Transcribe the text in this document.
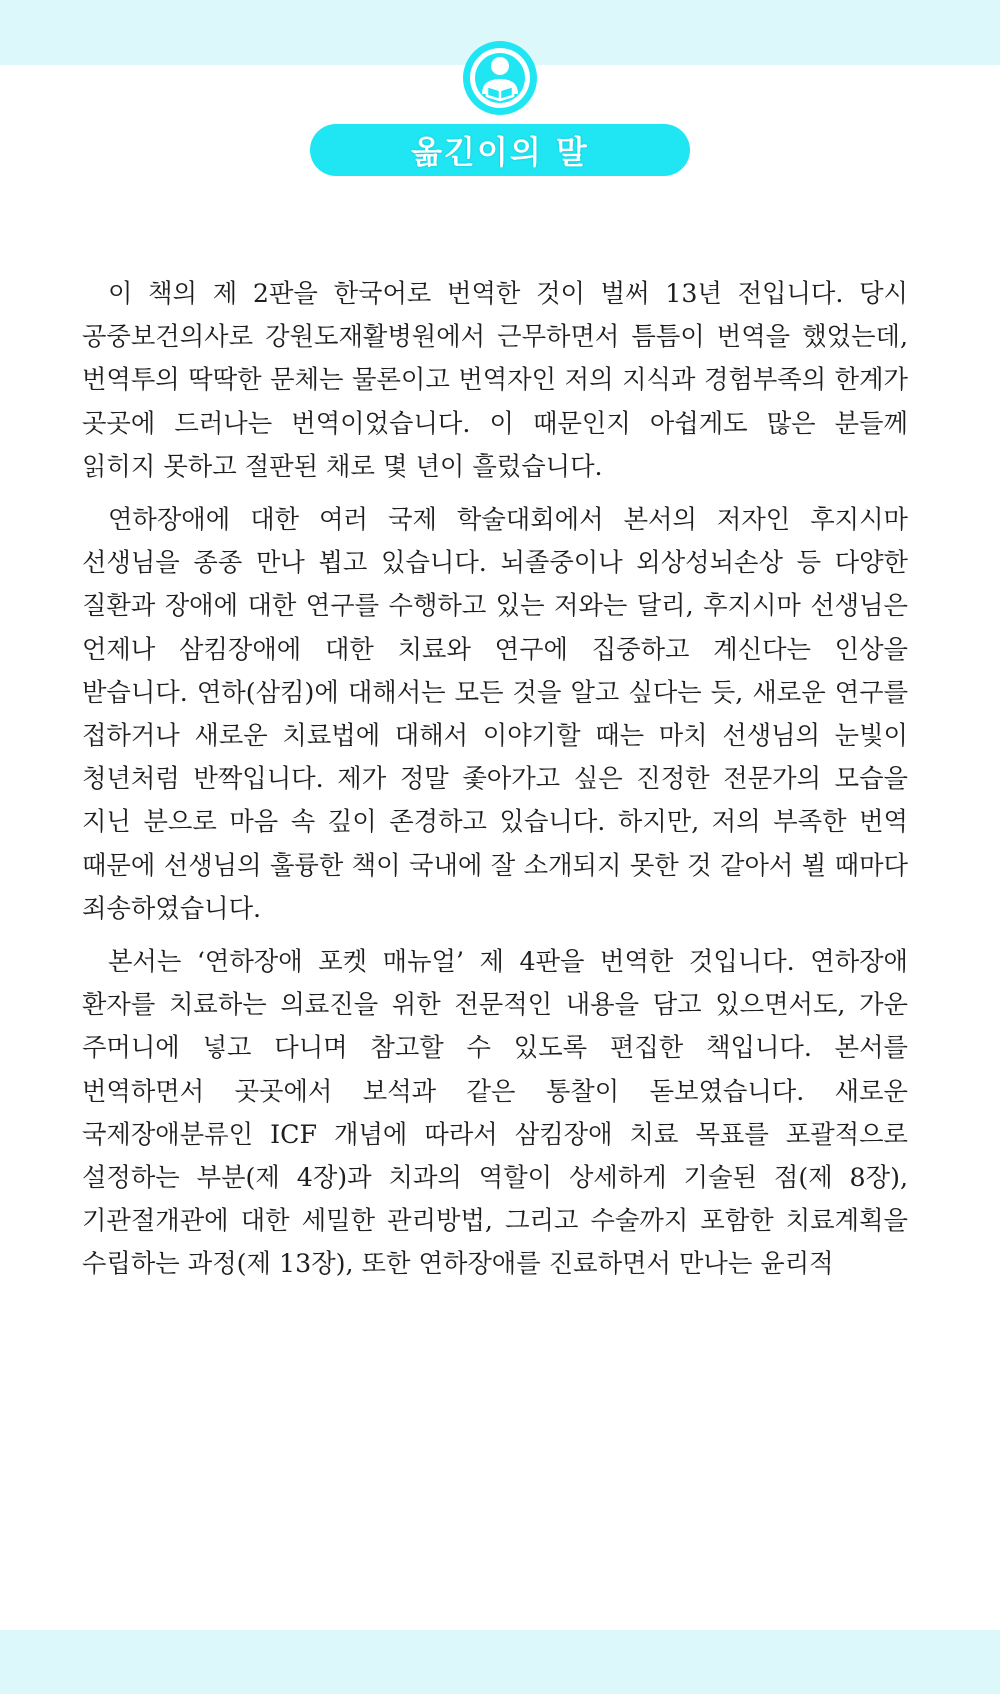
옮긴이의 말

이 책의 제 2판을 한국어로 번역한 것이 벌써 13년 전입니다. 당시 공중보건의사로 강원도재활병원에서 근무하면서 틈틈이 번역을 했었는데, 번역투의 딱딱한 문체는 물론이고 번역자인 저의 지식과 경험부족의 한계가 곳곳에 드러나는 번역이었습니다. 이 때문인지 아쉽게도 많은 분들께 읽히지 못하고 절판된 채로 몇 년이 흘렀습니다.

연하장애에 대한 여러 국제 학술대회에서 본서의 저자인 후지시마 선생님을 종종 만나 뵙고 있습니다. 뇌졸중이나 외상성뇌손상 등 다양한 질환과 장애에 대한 연구를 수행하고 있는 저와는 달리, 후지시마 선생님은 언제나 삼킴장애에 대한 치료와 연구에 집중하고 계신다는 인상을 받습니다. 연하(삼킴)에 대해서는 모든 것을 알고 싶다는 듯, 새로운 연구를 접하거나 새로운 치료법에 대해서 이야기할 때는 마치 선생님의 눈빛이 청년처럼 반짝입니다. 제가 정말 좇아가고 싶은 진정한 전문가의 모습을 지닌 분으로 마음 속 깊이 존경하고 있습니다. 하지만, 저의 부족한 번역 때문에 선생님의 훌륭한 책이 국내에 잘 소개되지 못한 것 같아서 뵐 때마다 죄송하였습니다.

본서는 ‘연하장애 포켓 매뉴얼’ 제 4판을 번역한 것입니다. 연하장애 환자를 치료하는 의료진을 위한 전문적인 내용을 담고 있으면서도, 가운 주머니에 넣고 다니며 참고할 수 있도록 편집한 책입니다. 본서를 번역하면서 곳곳에서 보석과 같은 통찰이 돋보였습니다. 새로운 국제장애분류인 ICF 개념에 따라서 삼킴장애 치료 목표를 포괄적으로 설정하는 부분(제 4장)과 치과의 역할이 상세하게 기술된 점(제 8장), 기관절개관에 대한 세밀한 관리방법, 그리고 수술까지 포함한 치료계획을 수립하는 과정(제 13장), 또한 연하장애를 진료하면서 만나는 윤리적
